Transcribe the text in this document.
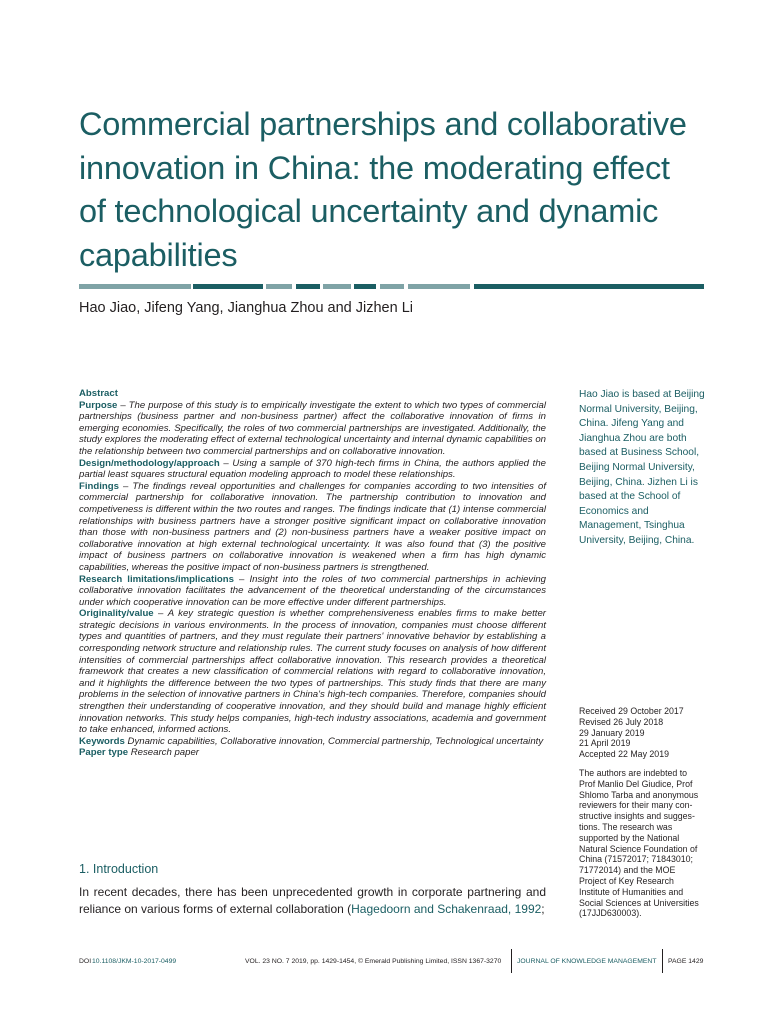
Commercial partnerships and collaborative innovation in China: the moderating effect of technological uncertainty and dynamic capabilities
Hao Jiao, Jifeng Yang, Jianghua Zhou and Jizhen Li

Abstract

Purpose – The purpose of this study is to empirically investigate the extent to which two types of commercial partnerships (business partner and non-business partner) affect the collaborative innovation of firms in emerging economies. Specifically, the roles of two commercial partnerships are investigated. Additionally, the study explores the moderating effect of external technological uncertainty and internal dynamic capabilities on the relationship between two commercial partnerships and on collaborative innovation.

Design/methodology/approach – Using a sample of 370 high-tech firms in China, the authors applied the partial least squares structural equation modeling approach to model these relationships.

Findings – The findings reveal opportunities and challenges for companies according to two intensities of commercial partnership for collaborative innovation. The partnership contribution to innovation and competiveness is different within the two routes and ranges. The findings indicate that (1) intense commercial relationships with business partners have a stronger positive significant impact on collaborative innovation than those with non-business partners and (2) non-business partners have a weaker positive impact on collaborative innovation at high external technological uncertainty. It was also found that (3) the positive impact of business partners on collaborative innovation is weakened when a firm has high dynamic capabilities, whereas the positive impact of non-business partners is strengthened.

Research limitations/implications – Insight into the roles of two commercial partnerships in achieving collaborative innovation facilitates the advancement of the theoretical understanding of the circumstances under which cooperative innovation can be more effective under different partnerships.

Originality/value – A key strategic question is whether comprehensiveness enables firms to make better strategic decisions in various environments. In the process of innovation, companies must choose different types and quantities of partners, and they must regulate their partners' innovative behavior by establishing a corresponding network structure and relationship rules. The current study focuses on analysis of how different intensities of commercial partnerships affect collaborative innovation. This research provides a theoretical framework that creates a new classification of commercial relations with regard to collaborative innovation, and it highlights the difference between the two types of partnerships. This study finds that there are many problems in the selection of innovative partners in China's high-tech companies. Therefore, companies should strengthen their understanding of cooperative innovation, and they should build and manage highly efficient innovation networks. This study helps companies, high-tech industry associations, academia and government to take enhanced, informed actions.

Keywords Dynamic capabilities, Collaborative innovation, Commercial partnership, Technological uncertainty

Paper type Research paper

Hao Jiao is based at Beijing Normal University, Beijing, China. Jifeng Yang and Jianghua Zhou are both based at Business School, Beijing Normal University, Beijing, China. Jizhen Li is based at the School of Economics and Management, Tsinghua University, Beijing, China.
Received 29 October 2017
Revised 26 July 2018
29 January 2019
21 April 2019
Accepted 22 May 2019
The authors are indebted to Prof Manlio Del Giudice, Prof Shlomo Tarba and anonymous reviewers for their many con-structive insights and sugges-tions. The research was supported by the National Natural Science Foundation of China (71572017; 71843010; 71772014) and the MOE Project of Key Research Institute of Humanities and Social Sciences at Universities (17JJD630003).
1. Introduction
In recent decades, there has been unprecedented growth in corporate partnering and reliance on various forms of external collaboration (Hagedoorn and Schakenraad, 1992;
DOI 10.1108/JKM-10-2017-0499	VOL. 23 NO. 7 2019, pp. 1429-1454, © Emerald Publishing Limited, ISSN 1367-3270 JOURNAL OF KNOWLEDGE MANAGEMENT PAGE 1429
